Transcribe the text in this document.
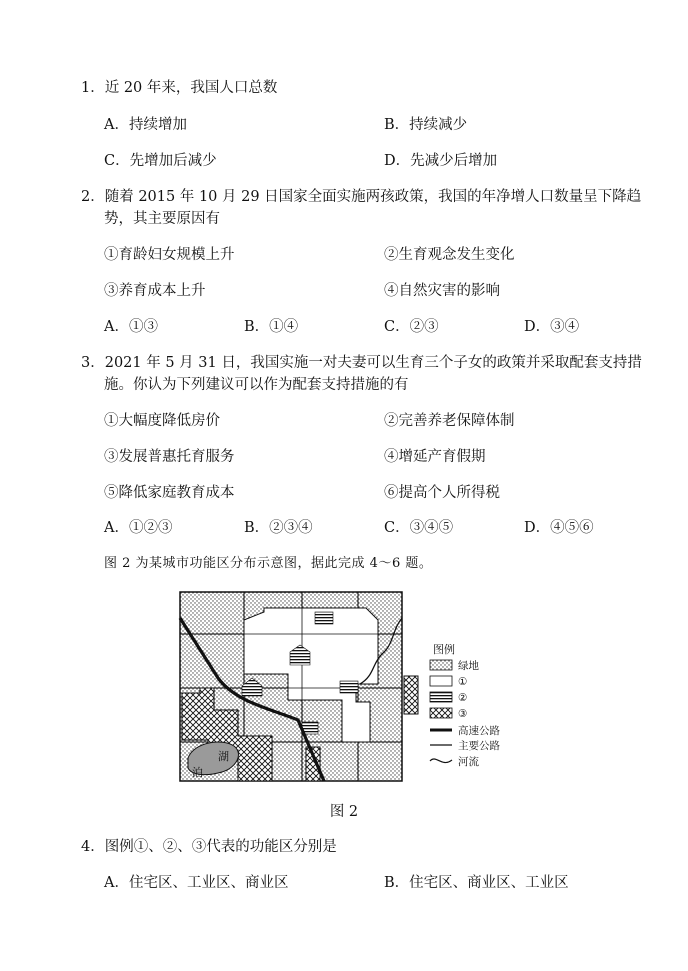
1．近 20 年来，我国人口总数
A．持续增加	B．持续减少
C．先增加后减少	D．先减少后增加
2．随着 2015 年 10 月 29 日国家全面实施两孩政策，我国的年净增人口数量呈下降趋
势，其主要原因有
①育龄妇女规模上升	②生育观念发生变化
③养育成本上升	④自然灾害的影响
A．①③	B．①④	C．②③	D．③④
3．2021 年 5 月 31 日，我国实施一对夫妻可以生育三个子女的政策并采取配套支持措
施。你认为下列建议可以作为配套支持措施的有
①大幅度降低房价	②完善养老保障体制
③发展普惠托育服务	④增延产育假期
⑤降低家庭教育成本	⑥提高个人所得税
A．①②③	B．②③④	C．③④⑤	D．④⑤⑥
图 2 为某城市功能区分布示意图，据此完成 4～6 题。
湖
泊
图例
绿地
①
②
③
高速公路
主要公路
河流
图 2
4．图例①、②、③代表的功能区分别是
A．住宅区、工业区、商业区	B．住宅区、商业区、工业区
